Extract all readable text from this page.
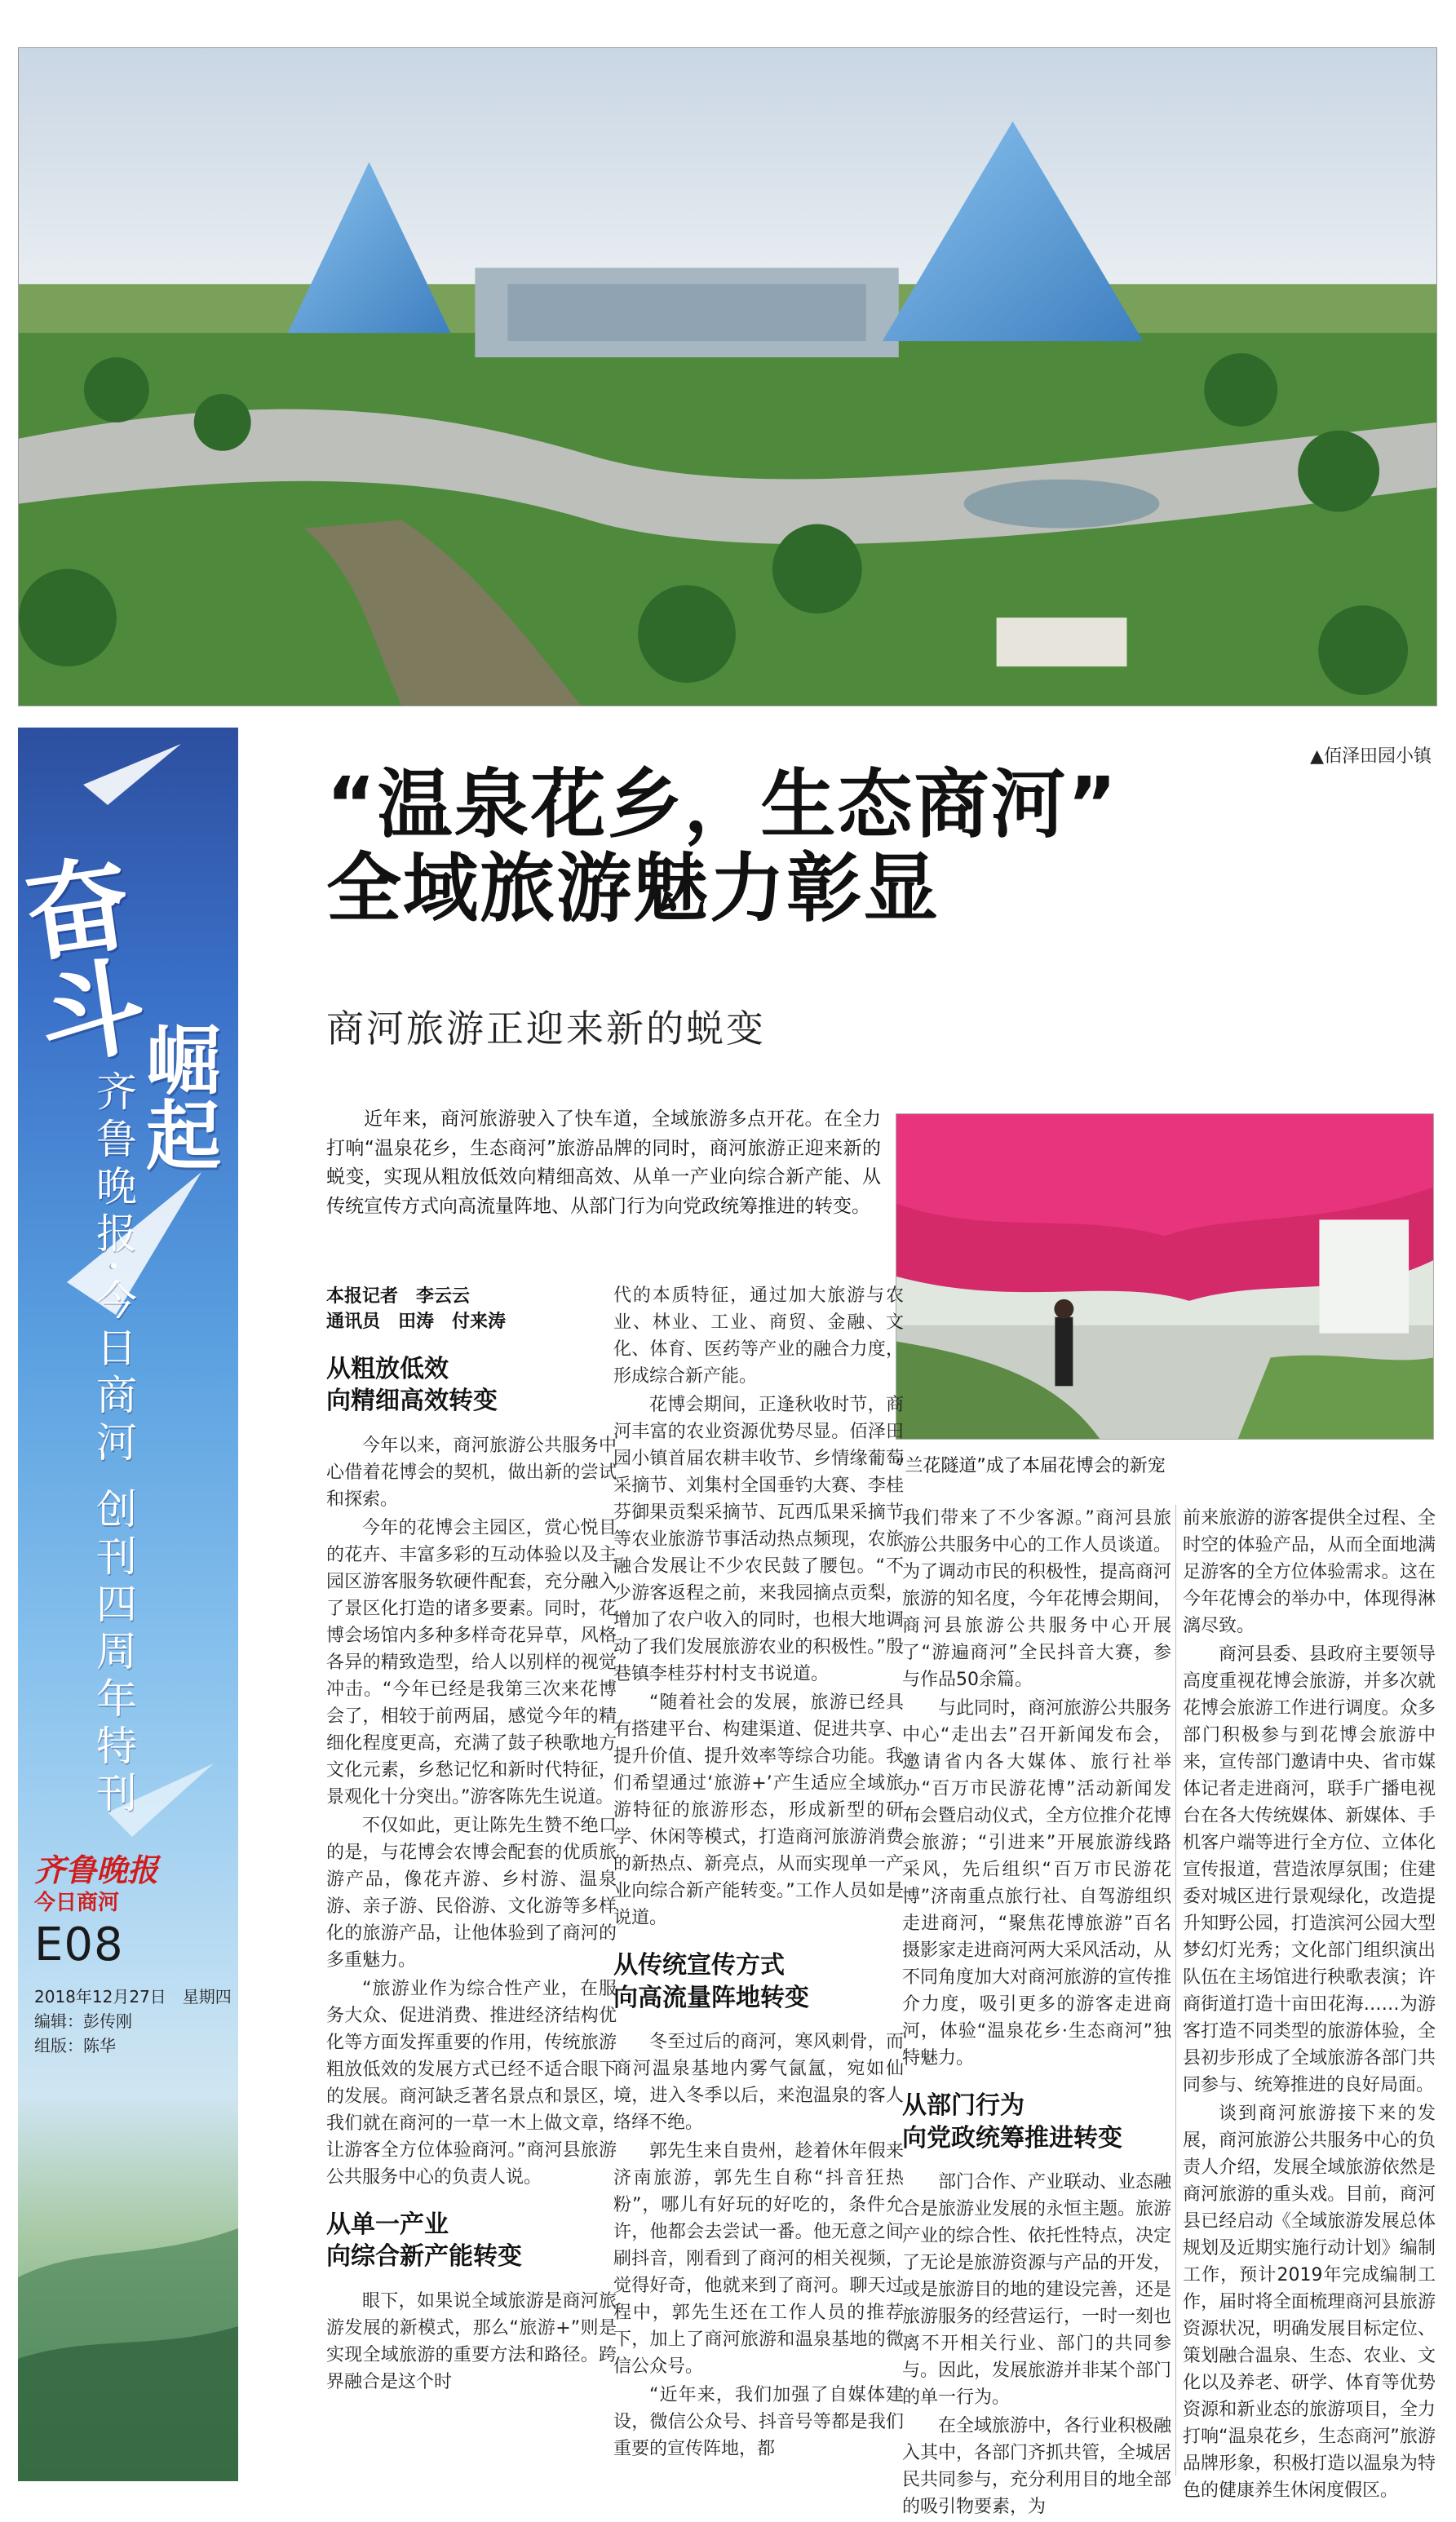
奋斗
崛起
齐鲁晚报·今日商河 创刊四周年特刊
齐鲁晚报
今日商河
E08
2018年12月27日　星期四
编辑：彭传刚
组版：陈华
▲佰泽田园小镇
“温泉花乡，生态商河”
全域旅游魅力彰显
商河旅游正迎来新的蜕变
近年来，商河旅游驶入了快车道，全域旅游多点开花。在全力打响“温泉花乡，生态商河”旅游品牌的同时，商河旅游正迎来新的蜕变，实现从粗放低效向精细高效、从单一产业向综合新产能、从传统宣传方式向高流量阵地、从部门行为向党政统筹推进的转变。
“兰花隧道”成了本届花博会的新宠
本报记者　李云云
通讯员　田涛　付来涛
从粗放低效
向精细高效转变

今年以来，商河旅游公共服务中心借着花博会的契机，做出新的尝试和探索。

今年的花博会主园区，赏心悦目的花卉、丰富多彩的互动体验以及主园区游客服务软硬件配套，充分融入了景区化打造的诸多要素。同时，花博会场馆内多种多样奇花异草，风格各异的精致造型，给人以别样的视觉冲击。“今年已经是我第三次来花博会了，相较于前两届，感觉今年的精细化程度更高，充满了鼓子秧歌地方文化元素，乡愁记忆和新时代特征，景观化十分突出。”游客陈先生说道。

不仅如此，更让陈先生赞不绝口的是，与花博会农博会配套的优质旅游产品，像花卉游、乡村游、温泉游、亲子游、民俗游、文化游等多样化的旅游产品，让他体验到了商河的多重魅力。

“旅游业作为综合性产业，在服务大众、促进消费、推进经济结构优化等方面发挥重要的作用，传统旅游粗放低效的发展方式已经不适合眼下的发展。商河缺乏著名景点和景区，我们就在商河的一草一木上做文章，让游客全方位体验商河。”商河县旅游公共服务中心的负责人说。

从单一产业
向综合新产能转变

眼下，如果说全域旅游是商河旅游发展的新模式，那么“旅游+”则是实现全域旅游的重要方法和路径。跨界融合是这个时

代的本质特征，通过加大旅游与农业、林业、工业、商贸、金融、文化、体育、医药等产业的融合力度，形成综合新产能。

花博会期间，正逢秋收时节，商河丰富的农业资源优势尽显。佰泽田园小镇首届农耕丰收节、乡情缘葡萄采摘节、刘集村全国垂钓大赛、李桂芬御果贡梨采摘节、瓦西瓜果采摘节等农业旅游节事活动热点频现，农旅融合发展让不少农民鼓了腰包。“不少游客返程之前，来我园摘点贡梨，增加了农户收入的同时，也根大地调动了我们发展旅游农业的积极性。”殷巷镇李桂芬村村支书说道。

“随着社会的发展，旅游已经具有搭建平台、构建渠道、促进共享、提升价值、提升效率等综合功能。我们希望通过‘旅游+’产生适应全域旅游特征的旅游形态，形成新型的研学、休闲等模式，打造商河旅游消费的新热点、新亮点，从而实现单一产业向综合新产能转变。”工作人员如是说道。

从传统宣传方式
向高流量阵地转变

冬至过后的商河，寒风刺骨，而商河温泉基地内雾气氤氲，宛如仙境，进入冬季以后，来泡温泉的客人络绎不绝。

郭先生来自贵州，趁着休年假来济南旅游，郭先生自称“抖音狂热粉”，哪儿有好玩的好吃的，条件允许，他都会去尝试一番。他无意之间刷抖音，刚看到了商河的相关视频，觉得好奇，他就来到了商河。聊天过程中，郭先生还在工作人员的推荐下，加上了商河旅游和温泉基地的微信公众号。

“近年来，我们加强了自媒体建设，微信公众号、抖音号等都是我们重要的宣传阵地，都

我们带来了不少客源。”商河县旅游公共服务中心的工作人员谈道。为了调动市民的积极性，提高商河旅游的知名度，今年花博会期间，商河县旅游公共服务中心开展了“游遍商河”全民抖音大赛，参与作品50余篇。

与此同时，商河旅游公共服务中心“走出去”召开新闻发布会，邀请省内各大媒体、旅行社举办“百万市民游花博”活动新闻发布会暨启动仪式，全方位推介花博会旅游；“引进来”开展旅游线路采风，先后组织“百万市民游花博”济南重点旅行社、自驾游组织走进商河，“聚焦花博旅游”百名摄影家走进商河两大采风活动，从不同角度加大对商河旅游的宣传推介力度，吸引更多的游客走进商河，体验“温泉花乡·生态商河”独特魅力。

从部门行为
向党政统筹推进转变

部门合作、产业联动、业态融合是旅游业发展的永恒主题。旅游产业的综合性、依托性特点，决定了无论是旅游资源与产品的开发，或是旅游目的地的建设完善，还是旅游服务的经营运行，一时一刻也离不开相关行业、部门的共同参与。因此，发展旅游并非某个部门的单一行为。

在全域旅游中，各行业积极融入其中，各部门齐抓共管，全城居民共同参与，充分利用目的地全部的吸引物要素，为

前来旅游的游客提供全过程、全时空的体验产品，从而全面地满足游客的全方位体验需求。这在今年花博会的举办中，体现得淋漓尽致。

商河县委、县政府主要领导高度重视花博会旅游，并多次就花博会旅游工作进行调度。众多部门积极参与到花博会旅游中来，宣传部门邀请中央、省市媒体记者走进商河，联手广播电视台在各大传统媒体、新媒体、手机客户端等进行全方位、立体化宣传报道，营造浓厚氛围；住建委对城区进行景观绿化，改造提升知野公园，打造滨河公园大型梦幻灯光秀；文化部门组织演出队伍在主场馆进行秧歌表演；许商街道打造十亩田花海……为游客打造不同类型的旅游体验，全县初步形成了全域旅游各部门共同参与、统筹推进的良好局面。

谈到商河旅游接下来的发展，商河旅游公共服务中心的负责人介绍，发展全域旅游依然是商河旅游的重头戏。目前，商河县已经启动《全域旅游发展总体规划及近期实施行动计划》编制工作，预计2019年完成编制工作，届时将全面梳理商河县旅游资源状况，明确发展目标定位、策划融合温泉、生态、农业、文化以及养老、研学、体育等优势资源和新业态的旅游项目，全力打响“温泉花乡，生态商河”旅游品牌形象，积极打造以温泉为特色的健康养生休闲度假区。
